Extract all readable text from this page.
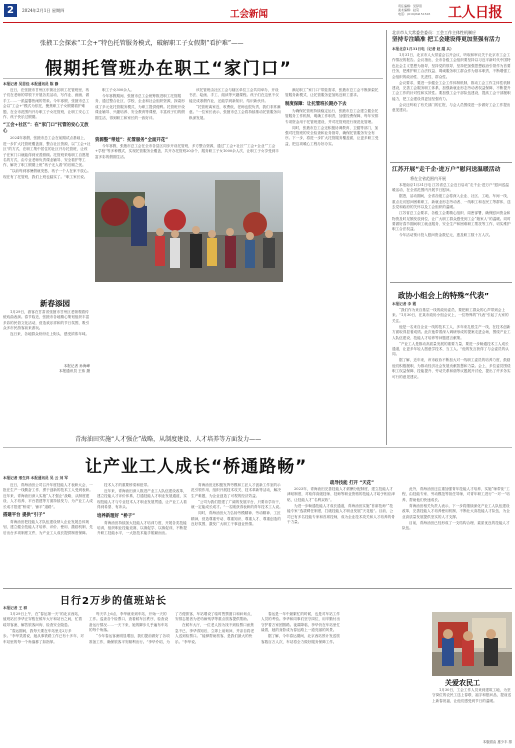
2	2024年2月1日 星期四	工会新闻
责任编辑：吴铎思
美术编辑：赵景
电话：(010)84151616	工人日报
张掖工会探索“工会+”特色托管服务模式，破解职工子女假期“看护难”——
假期托管班办在职工“家门口”
本报记者 吴思佳 本报通讯员 陈 静

近日，在张掖市甘州区东街社区职工托管班里，孩子们在老师的带领下开展各类活动，写作业、画画、做手工……一派温馨热闹的景象。今年寒假，张掖市总工会以“工会+”模式为依托，聚焦职工子女假期看护难题，在全市范围内开办职工子女托管班，让职工安心工作、孩子快乐过假期。

“工会+社区”：在“家门口”托管的安心又放心

2024年寒假，张掖市总工会在前期试点基础上，进一步扩大托管班覆盖面，整合社区资源，以“工会+社区”的方式，在职工集中居住的社区开办托管班，让孩子在家门口就能得到妥善照顾。托管班采取职工自愿报名的方式，由专业老师负责课业辅导、安全看护等工作，解决了职工假期上班“孩子无人看”的后顾之忧。

“以前每到寒暑假就发愁，孩子一个人在家不放心。现在有了托管班，我们上班也踏实了。”职工家长说。

职工子女300余人。

今年寒假期间，张掖市总工会统筹推进职工托管服务，通过整合社区、学校、企业和社会组织资源，探索形成了多元化托管服务模式，为职工提供便利。托管班开设课业辅导、兴趣培养、安全教育等课程，丰富孩子们的假期生活，得到职工和家长的一致好评。

该托管班由社区工会与辖区单位工会共同举办，开设书法、绘画、手工、阅读等兴趣课程。孩子们在这里不仅能完成寒假作业，还能学到新知识、结识新伙伴。

“托管班离家近，收费低，老师也很负责，我们非常满意。”一位家长表示，张掖市总工会将持续推动托管服务向纵深发展。

满足职工“家门口”带娃需求，张掖市总工会不断探索托管服务新模式，让托管服务更加贴近职工需求。

制度保障：让托管班长期办下去

为确保托管班持续稳定运行，张掖市总工会建立健全托管服务工作机制，明确工作职责，加强经费保障，每年安排专项资金用于托管班建设，并对托管班进行规范化管理。

同时，张掖市总工会还积极协调教育、卫健等部门，加强对托管班的安全检查和业务指导，确保托管服务安全有序。下一步，将进一步扩大托管服务覆盖面，让更多职工受益，把这项暖心工程办好办实。

资源整“带娃”：托管服务“全面开花”

今年寒假，张掖市总工会在全市各县区同步开设托管班，多方整合资源，通过“工会+社区”“工会+企业”“工会+学校”等多种模式，实现托管服务全覆盖，共开办托管班20余个，服务职工子女1000余人次，让职工子女享受到丰富多彩的假期生活。

新春添园

1月29日，游客在甘肃省张掖市甘州区老街观看传统戏曲表演。春节临近，张掖市各地精心策划组织丰富多彩的民俗文化活动，营造欢乐祥和的节日氛围，吸引众多市民游客前来游玩。

连日来，各地群众纷纷走上街头，感受浓浓年味。

本报记者 孙海峰
本报通讯员 王伟 摄
北京市人大常委会委员：工会工作主体性机制应
坚持专注瞄准 把工会建设得更加坚强有活力
本报北京1月31日电（记者 赵 越 兵）

1月31日，北京市人大常委会召开会议，听取和审议关于北京市工会工作情况的报告。会议指出，全市各级工会组织要坚持以习近平新时代中国特色社会主义思想为指导，坚持党的领导，坚持把加强思想政治引领作为首要任务，把维护职工合法权益、竭诚服务职工群众作为基本职责，不断增强工会组织的政治性、先进性、群众性。

会议要求，要进一步健全工会工作体制机制，推动工会工作主体性机制建设，完善工会服务职工体系，加强新就业形态劳动者权益保障，不断提升工会工作的针对性和实效性。要加强工会干部队伍建设，提高工会干部履职能力，把工会建设得更加坚强有力。

会议还听取了有关部门的汇报，与会人员围绕进一步做好工会工作提出意见建议。

江苏开展“走千企·进万户”慰问送温暖活动
将在全省范围内开展

本报南京1月31日电 江苏省总工会近日启动“走千企·进万户”慰问送温暖活动，在全省范围内开展节日慰问。

据悉，活动期间，全省各级工会将深入企业、社区、工地、车间一线，重点走访慰问困难职工、新就业形态劳动者、一线职工和农民工等群体，送去党和政府的关怀以及工会组织的温暖。

江苏省总工会要求，各级工会要精心组织、周密部署，确保慰问资金和物资及时足额发放到位，让广大职工群众感受到工会“娘家人”的温暖。同时要做好春节期间职工就业服务、安全生产和困难职工帮扶等工作，切实维护职工合法权益。

今年活动预计投入慰问资金数亿元，惠及职工数十万人次。

政协小组会上的特殊“代表”
本报记者 李 霞

“我们作为来自基层一线的政协委员，要把职工群众的心声带到会上来。”1月30日，在某市政协小组会议上，一位特殊的“代表”引起了大家的关注。

他是一名来自企业一线的技术工人，多年来扎根生产一线，在技术创新方面取得显著成绩。此次他带着深入调研形成的提案走进会场，围绕产业工人队伍建设、技能人才培养等问题建言献策。

“产业工人是推动高质量发展的重要力量，要进一步畅通技术工人成长通道，让更多年轻人愿意学技术、当工人。”他的发言获得了与会委员的认同。

据了解，近年来，该市政协不断加大对一线职工委员的培养力度，鼓励他们积极履职，为推动经济社会发展贡献智慧和力量。会上，多位委员围绕职工权益保障、技能提升、劳动关系和谐等议题展开讨论，提出了许多务实可行的意见建议。

青海油田实施“人才强企”战略，从制度建设、人才培养等方面发力——
让产业工人成长“桥通路畅”
本报记者 邢生祥 本报通讯员 吴 云 刘 军

近日，青海油田公司召开年度技能人才表彰大会，一批在生产一线勤奋工作、勇于创新的技术工人受到表彰。近年来，青海油田深入实施“人才强企”战略，从制度建设、人才培养、平台搭建等方面持续发力，为产业工人成长成才搭建“桥梁”、铺平“道路”。

搭建平台 提供“引子”

青海油田把技能人才队伍建设纳入企业发展总体规划，建立健全技能人才培养、评价、使用、激励机制，先后出台多项制度文件，为产业工人成长提供制度保障。

技术人才的重要桥梁和纽带。

近年来，青海油田深入推进产业工人队伍建设改革，建立技能人才评价体系，打通技能人才职业发展通道，实现技能人才与专业技术人才职业发展贯通，让产业工人看得到希望、有奔头。

培养新理好 “桥子”

青海油田持续加大技能人才培训力度，开展各类技能培训，组织职业技能竞赛，以赛促学、以赛促训，不断提升职工技能水平，一大批技术能手脱颖而出。

青海油田还积极发挥劳模和工匠人才创新工作室的示范引领作用，组织开展技术攻关、技术革新等活动，解决生产难题，为企业创造了可观的经济效益。

“公司为我们搭建了广阔的发展平台，只要肯学肯干，就一定能成长成才。”一名刚获得表彰的青年技术工人说。

同时，青海油田大力弘扬劳模精神、劳动精神、工匠精神，营造尊重劳动、尊重知识、尊重人才、尊重创造的良好氛围，激发广大职工干事创业热情。

疏导技能 打开 “天花”

2023年，青海油田完善技能人才薪酬分配制度，建立技能人才津贴制度，对取得高级技师、技师等职业资格的技能人才给予相应津贴，让技能人才“名利双收”。

为进一步畅通技能人才成长通道，青海油田实施“首席技师”“技能专家”选拔聘任制度，打破技能人才职业发展“天花板”。目前，公司已有多名技能专家和首席技师，成为企业技术攻关和人才培养的骨干力量。

此外，青海油田还注重加强青年技能人才培养，实施“师带徒”工程，由技能专家、劳动模范等担任导师，对青年职工进行“一对一”培养，帮助他们快速成长。

青海油田相关负责人表示，下一步将继续深化产业工人队伍建设改革，完善技能人才培养使用机制，不断壮大高技能人才队伍，为企业高质量发展提供坚实的人才支撑。

目前，青海油田已经形成了一支结构合理、素质优良的技能人才队伍。

日行2万步的值班站长
本报记者 王 群

1月29日上午，在“春运第一天”的北京西站，值班站长李华正穿梭在候车大厅和站台之间，忙着疏导客流、解答旅客问询、检查安全隐患。

“春运期间，我每天要在车站里走2万多步。”李华笑着说，她从事铁路工作已有十多年，对车站里的每一个角落都了如指掌。

每天早上6点，李华就来到车站，开始一天的工作。巡查各个检票口，查看候车区秩序，检查设备运行情况……一天下来，她的脚步几乎遍布车站的每个角落。

“今年春运客流明显增加，我们提前做好了各项准备工作，确保旅客平安顺利出行。”李华介绍，为了方便旅客，车站增设了临时售票窗口和问询点，安排志愿者为老幼病残孕等重点旅客提供帮助。

在候车大厅，一位老人因为找不到检票口而焦急不已，李华得知后，立即上前询问，并亲自将老人送到检票口。“能够帮助旅客，是我们最大的快乐。”李华说。

春运是一年中最繁忙的时候，也是对车站工作人员的考验。李华和同事们坚守岗位，用辛勤付出守护着万家团圆路。夜幕降临，李华仍在车站里忙碌着，她的身影成为春运路上一道亮丽的风景。

据了解，今年春运期间，北京西站预计发送旅客数百万人次，车站将全力做好服务保障工作。

关爱农民工

1月30日，工会工作人员来到建筑工地，为坚守岗位的农民工送上春联、福字和慰问品，提前送上新春祝福，让他们感受到节日的温暖。

本版面由 惠少丰 排
